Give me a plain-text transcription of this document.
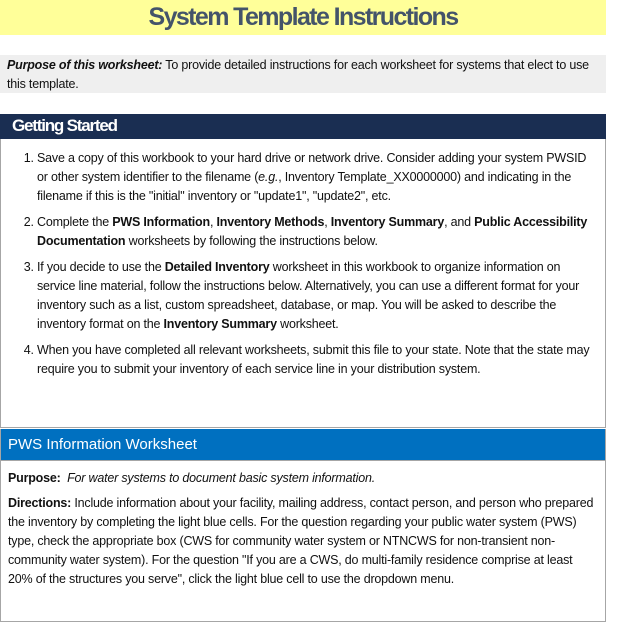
System Template Instructions
Purpose of this worksheet: To provide detailed instructions for each worksheet for systems that elect to use this template.
Getting Started
1. Save a copy of this workbook to your hard drive or network drive. Consider adding your system PWSID or other system identifier to the filename (e.g., Inventory Template_XX0000000) and indicating in the filename if this is the "initial" inventory or "update1", "update2", etc.
2. Complete the PWS Information, Inventory Methods, Inventory Summary, and Public Accessibility Documentation worksheets by following the instructions below.
3. If you decide to use the Detailed Inventory worksheet in this workbook to organize information on service line material, follow the instructions below. Alternatively, you can use a different format for your inventory such as a list, custom spreadsheet, database, or map. You will be asked to describe the inventory format on the Inventory Summary worksheet.
4. When you have completed all relevant worksheets, submit this file to your state. Note that the state may require you to submit your inventory of each service line in your distribution system.
PWS Information Worksheet

Purpose: For water systems to document basic system information.

Directions: Include information about your facility, mailing address, contact person, and person who prepared the inventory by completing the light blue cells. For the question regarding your public water system (PWS) type, check the appropriate box (CWS for community water system or NTNCWS for non-transient non-community water system). For the question "If you are a CWS, do multi-family residence comprise at least 20% of the structures you serve", click the light blue cell to use the dropdown menu.
